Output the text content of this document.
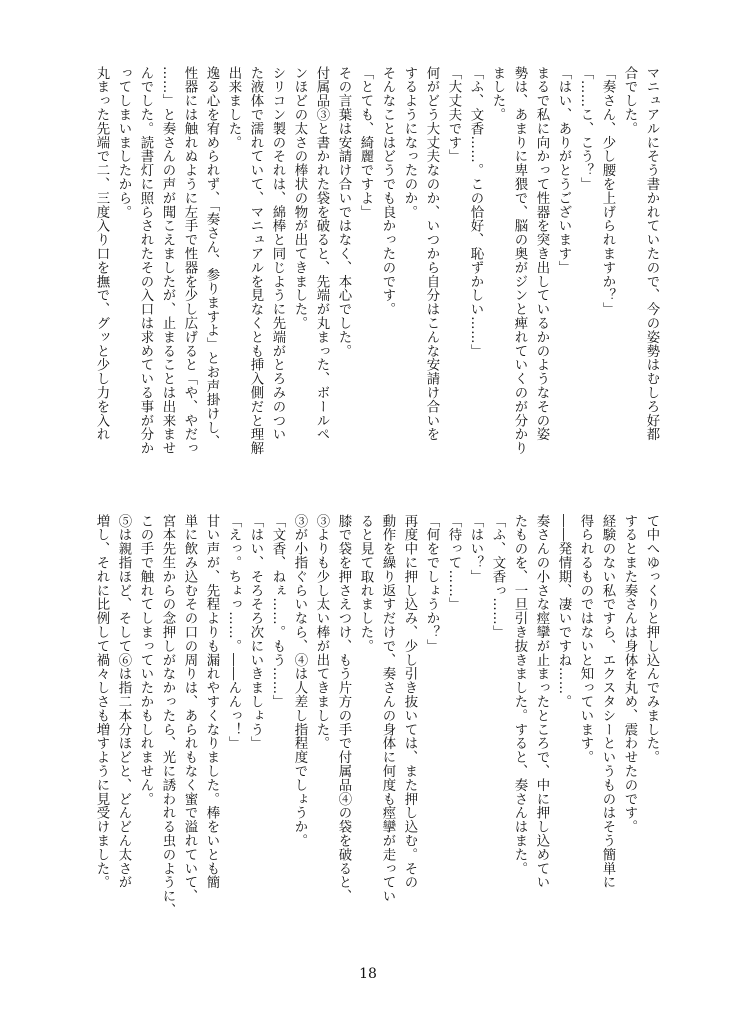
マニュアルにそう書かれていたので、今の姿勢はむしろ好都
合でした。
「奏さん、少し腰を上げられますか？」
「……こ、こう？」
「はい、ありがとうございます」
まるで私に向かって性器を突き出しているかのようなその姿
勢は、あまりに卑猥で、脳の奥がジンと痺れていくのが分かり
ました。
「ふ、文香……。この恰好、恥ずかしい……」
「大丈夫です」
何がどう大丈夫なのか、いつから自分はこんな安請け合いを
するようになったのか。
そんなことはどうでも良かったのです。
「とても、綺麗ですよ」
その言葉は安請け合いではなく、本心でした。
付属品③と書かれた袋を破ると、先端が丸まった、ボールペ
ンほどの太さの棒状の物が出てきました。
シリコン製のそれは、綿棒と同じように先端がとろみのつい
た液体で濡れていて、マニュアルを見なくとも挿入側だと理解
出来ました。
逸る心を宥められず、「奏さん、参りますよ」とお声掛けし、
性器には触れぬように左手で性器を少し広げると「や、やだっ
……」と奏さんの声が聞こえましたが、止まることは出来ませ
んでした。読書灯に照らされたその入口は求めている事が分か
ってしまいましたから。
丸まった先端で二、三度入り口を撫で、グッと少し力を入れ
て中へゆっくりと押し込んでみました。
するとまた奏さんは身体を丸め、震わせたのです。
経験のない私ですら、エクスタシーというものはそう簡単に
得られるものではないと知っています。
――発情期、凄いですね……。
奏さんの小さな痙攣が止まったところで、中に押し込めてい
たものを、一旦引き抜きました。すると、奏さんはまた。
「ふ、文香っ……」
「はい？」
「待って……」
「何をでしょうか？」
再度中に押し込み、少し引き抜いては、また押し込む。その
動作を繰り返すだけで、奏さんの身体に何度も痙攣が走ってい
ると見て取れました。
膝で袋を押さえつけ、もう片方の手で付属品④の袋を破ると、
③よりも少し太い棒が出てきました。
③が小指ぐらいなら、④は人差し指程度でしょうか。
「文香、ねぇ……。もう……」
「はい、そろそろ次にいきましょう」
「えっ。ちょっ……。――んんっ！」
甘い声が、先程よりも漏れやすくなりました。棒をいとも簡
単に飲み込むその口の周りは、あられもなく蜜で溢れていて、
宮本先生からの念押しがなかったら、光に誘われる虫のように、
この手で触れてしまっていたかもしれません。
⑤は親指ほど、そして⑥は指二本分ほどと、どんどん太さが
増し、それに比例して禍々しさも増すように見受けました。
18
